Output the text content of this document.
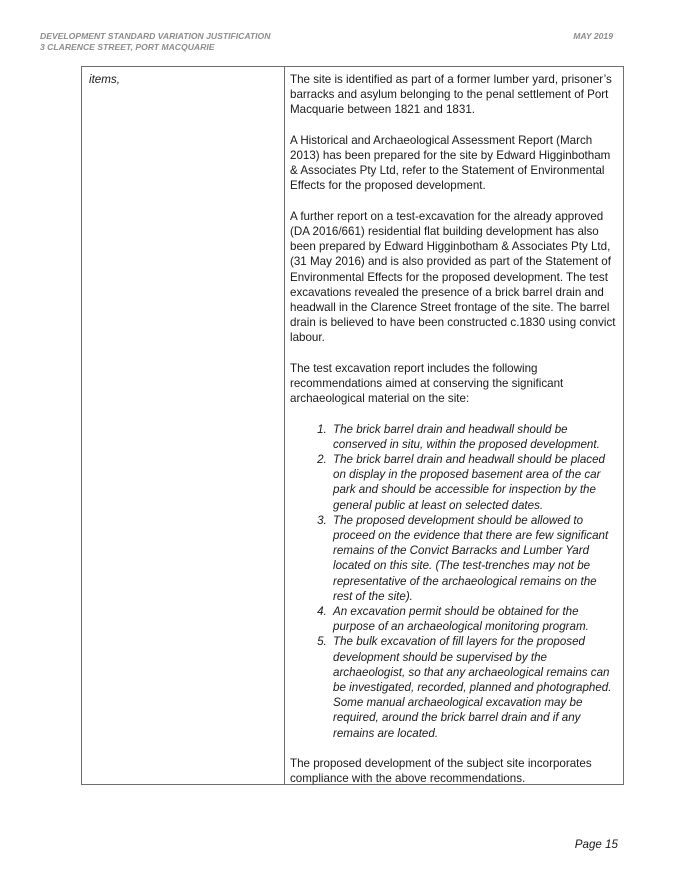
DEVELOPMENT STANDARD VARIATION JUSTIFICATION
3 CLARENCE STREET, PORT MACQUARIE
MAY 2019
items,	The site is identified as part of a former lumber yard, prisoner’s barracks and asylum belonging to the penal settlement of Port Macquarie between 1821 and 1831.

A Historical and Archaeological Assessment Report (March 2013) has been prepared for the site by Edward Higginbotham & Associates Pty Ltd, refer to the Statement of Environmental Effects for the proposed development.

A further report on a test-excavation for the already approved (DA 2016/661) residential flat building development has also been prepared by Edward Higginbotham & Associates Pty Ltd, (31 May 2016) and is also provided as part of the Statement of Environmental Effects for the proposed development. The test excavations revealed the presence of a brick barrel drain and headwall in the Clarence Street frontage of the site. The barrel drain is believed to have been constructed c.1830 using convict labour.

The test excavation report includes the following recommendations aimed at conserving the significant archaeological material on the site:

1. The brick barrel drain and headwall should be conserved in situ, within the proposed development.
2. The brick barrel drain and headwall should be placed on display in the proposed basement area of the car park and should be accessible for inspection by the general public at least on selected dates.
3. The proposed development should be allowed to proceed on the evidence that there are few significant remains of the Convict Barracks and Lumber Yard located on this site. (The test-trenches may not be representative of the archaeological remains on the rest of the site).
4. An excavation permit should be obtained for the purpose of an archaeological monitoring program.
5. The bulk excavation of fill layers for the proposed development should be supervised by the archaeologist, so that any archaeological remains can be investigated, recorded, planned and photographed. Some manual archaeological excavation may be required, around the brick barrel drain and if any remains are located.

The proposed development of the subject site incorporates compliance with the above recommendations.

Page 15
